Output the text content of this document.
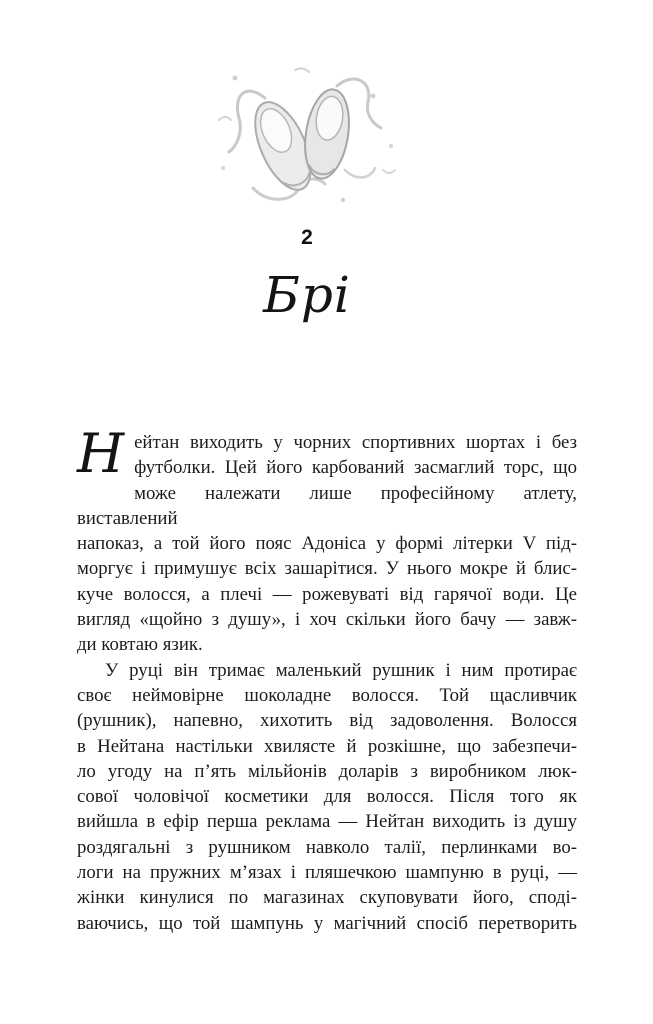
2
Брі
Н ейтан виходить у чорних спортивних шортах і без
футболки. Цей його карбований засмаглий торс, що
може належати лише професійному атлету, виставлений
напоказ, а той його пояс Адоніса у формі літерки V під-
моргує і примушує всіх зашарітися. У нього мокре й блис-
куче волосся, а плечі — рожевуваті від гарячої води. Це
вигляд «щойно з душу», і хоч скільки його бачу — завж-
ди ковтаю язик.
У руці він тримає маленький рушник і ним протирає
своє неймовірне шоколадне волосся. Той щасливчик
(рушник), напевно, хихотить від задоволення. Волосся
в Нейтана настільки хвилясте й розкішне, що забезпечи-
ло угоду на п’ять мільйонів доларів з виробником люк-
сової чоловічої косметики для волосся. Після того як
вийшла в ефір перша реклама — Нейтан виходить із душу
роздягальні з рушником навколо талії, перлинками во-
логи на пружних м’язах і пляшечкою шампуню в руці, —
жінки кинулися по магазинах скуповувати його, споді-
ваючись, що той шампунь у магічний спосіб перетворить
